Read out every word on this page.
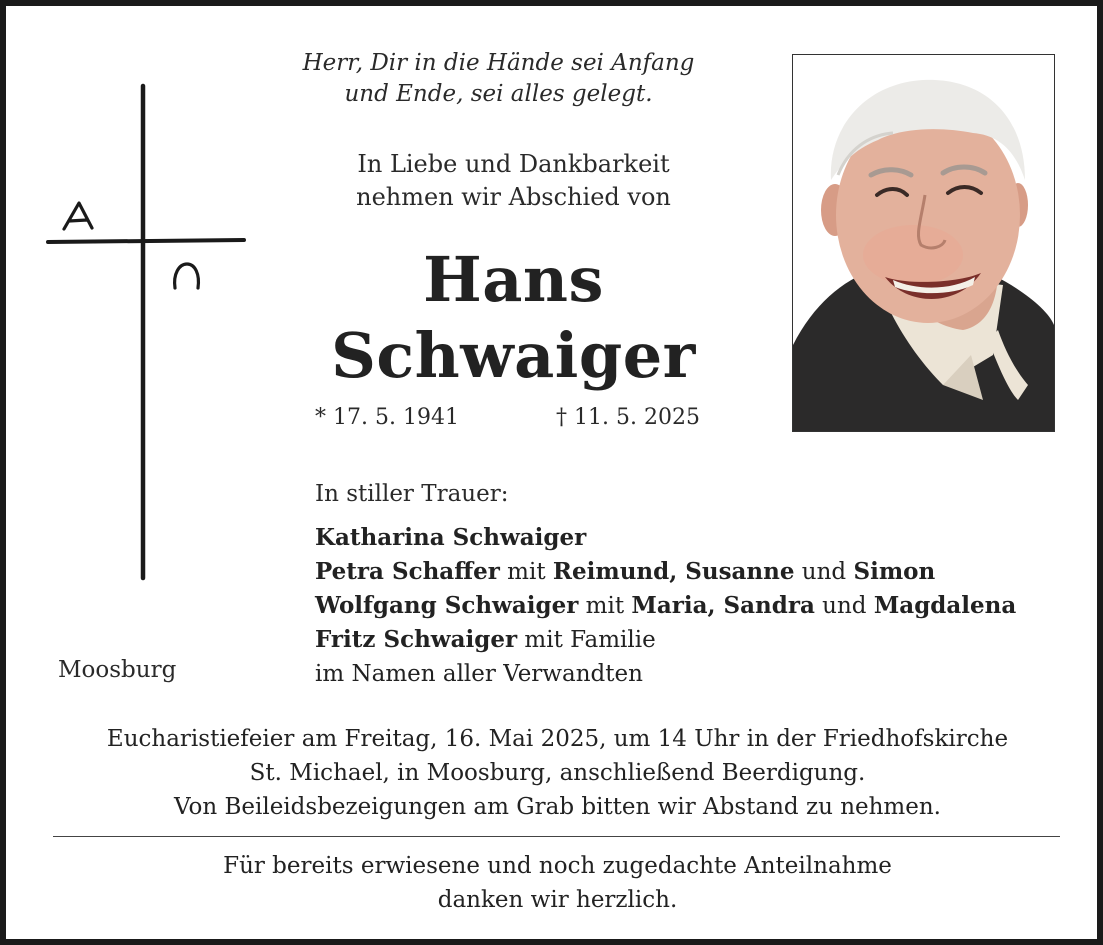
Herr, Dir in die Hände sei Anfang
und Ende, sei alles gelegt.
In Liebe und Dankbarkeit
nehmen wir Abschied von
Hans
Schwaiger
* 17. 5. 1941	† 11. 5. 2025
In stiller Trauer:
Katharina Schwaiger
Petra Schaffer mit Reimund, Susanne und Simon
Wolfgang Schwaiger mit Maria, Sandra und Magdalena
Fritz Schwaiger mit Familie
im Namen aller Verwandten
Moosburg
Eucharistiefeier am Freitag, 16. Mai 2025, um 14 Uhr in der Friedhofskirche
St. Michael, in Moosburg, anschließend Beerdigung.
Von Beileidsbezeigungen am Grab bitten wir Abstand zu nehmen.
Für bereits erwiesene und noch zugedachte Anteilnahme
danken wir herzlich.
